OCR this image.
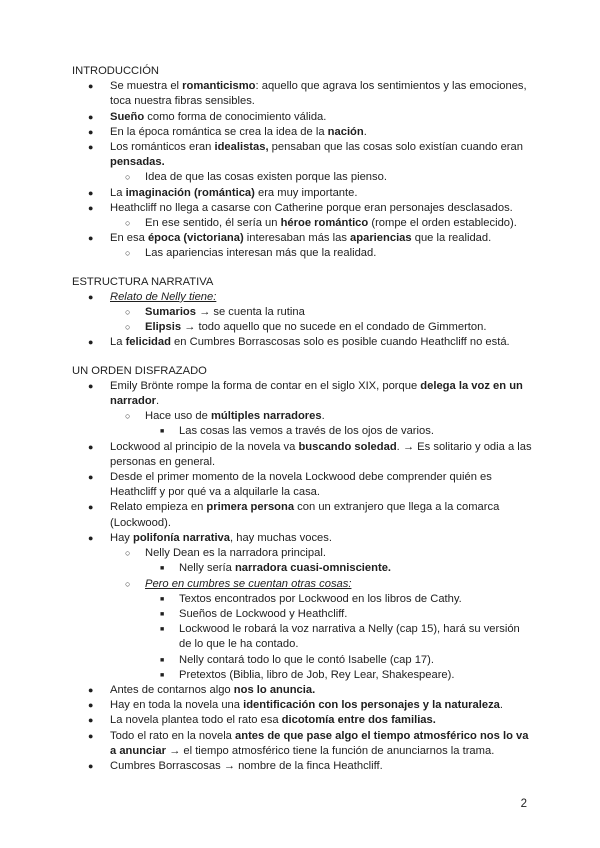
INTRODUCCIÓN
● Se muestra el romanticismo: aquello que agrava los sentimientos y las emociones, toca nuestra fibras sensibles.
● Sueño como forma de conocimiento válida.
● En la época romántica se crea la idea de la nación.
● Los románticos eran idealistas, pensaban que las cosas solo existían cuando eran pensadas.
○ Idea de que las cosas existen porque las pienso.
● La imaginación (romántica) era muy importante.
● Heathcliff no llega a casarse con Catherine porque eran personajes desclasados.
○ En ese sentido, él sería un héroe romántico (rompe el orden establecido).
● En esa época (victoriana) interesaban más las apariencias que la realidad.
○ Las apariencias interesan más que la realidad.
ESTRUCTURA NARRATIVA
● Relato de Nelly tiene:
○ Sumarios → se cuenta la rutina
○ Elipsis → todo aquello que no sucede en el condado de Gimmerton.
● La felicidad en Cumbres Borrascosas solo es posible cuando Heathcliff no está.
UN ORDEN DISFRAZADO
● Emily Brönte rompe la forma de contar en el siglo XIX, porque delega la voz en un narrador.
○ Hace uso de múltiples narradores.
■ Las cosas las vemos a través de los ojos de varios.
● Lockwood al principio de la novela va buscando soledad. → Es solitario y odia a las personas en general.
● Desde el primer momento de la novela Lockwood debe comprender quién es Heathcliff y por qué va a alquilarle la casa.
● Relato empieza en primera persona con un extranjero que llega a la comarca (Lockwood).
● Hay polifonía narrativa, hay muchas voces.
○ Nelly Dean es la narradora principal.
■ Nelly sería narradora cuasi-omnisciente.
○ Pero en cumbres se cuentan otras cosas:
■ Textos encontrados por Lockwood en los libros de Cathy.
■ Sueños de Lockwood y Heathcliff.
■ Lockwood le robará la voz narrativa a Nelly (cap 15), hará su versión de lo que le ha contado.
■ Nelly contará todo lo que le contó Isabelle (cap 17).
■ Pretextos (Biblia, libro de Job, Rey Lear, Shakespeare).
● Antes de contarnos algo nos lo anuncia.
● Hay en toda la novela una identificación con los personajes y la naturaleza.
● La novela plantea todo el rato esa dicotomía entre dos familias.
● Todo el rato en la novela antes de que pase algo el tiempo atmosférico nos lo va a anunciar → el tiempo atmosférico tiene la función de anunciarnos la trama.
● Cumbres Borrascosas → nombre de la finca Heathcliff.
2
